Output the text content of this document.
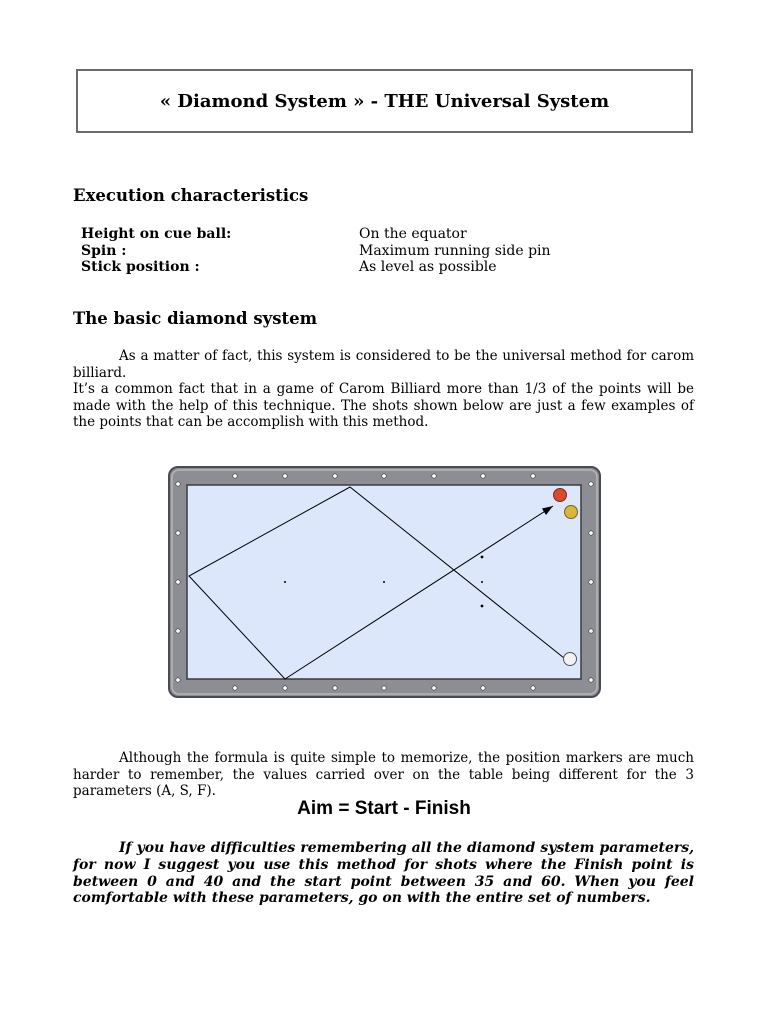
« Diamond System » - THE Universal System
Execution characteristics
Height on cue ball:	On the equator
Spin :	Maximum running side pin
Stick position :	As level as possible
The basic diamond system

As a matter of fact, this system is considered to be the universal method for carom billiard.

It’s a common fact that in a game of Carom Billiard more than 1/3 of the points will be made with the help of this technique. The shots shown below are just a few examples of the points that can be accomplish with this method.

Although the formula is quite simple to memorize, the position markers are much harder to remember, the values carried over on the table being different for the 3 parameters (A, S, F).

Aim = Start - Finish

If you have difficulties remembering all the diamond system parameters, for now I suggest you use this method for shots where the Finish point is between 0 and 40 and the start point between 35 and 60. When you feel comfortable with these parameters, go on with the entire set of numbers.
